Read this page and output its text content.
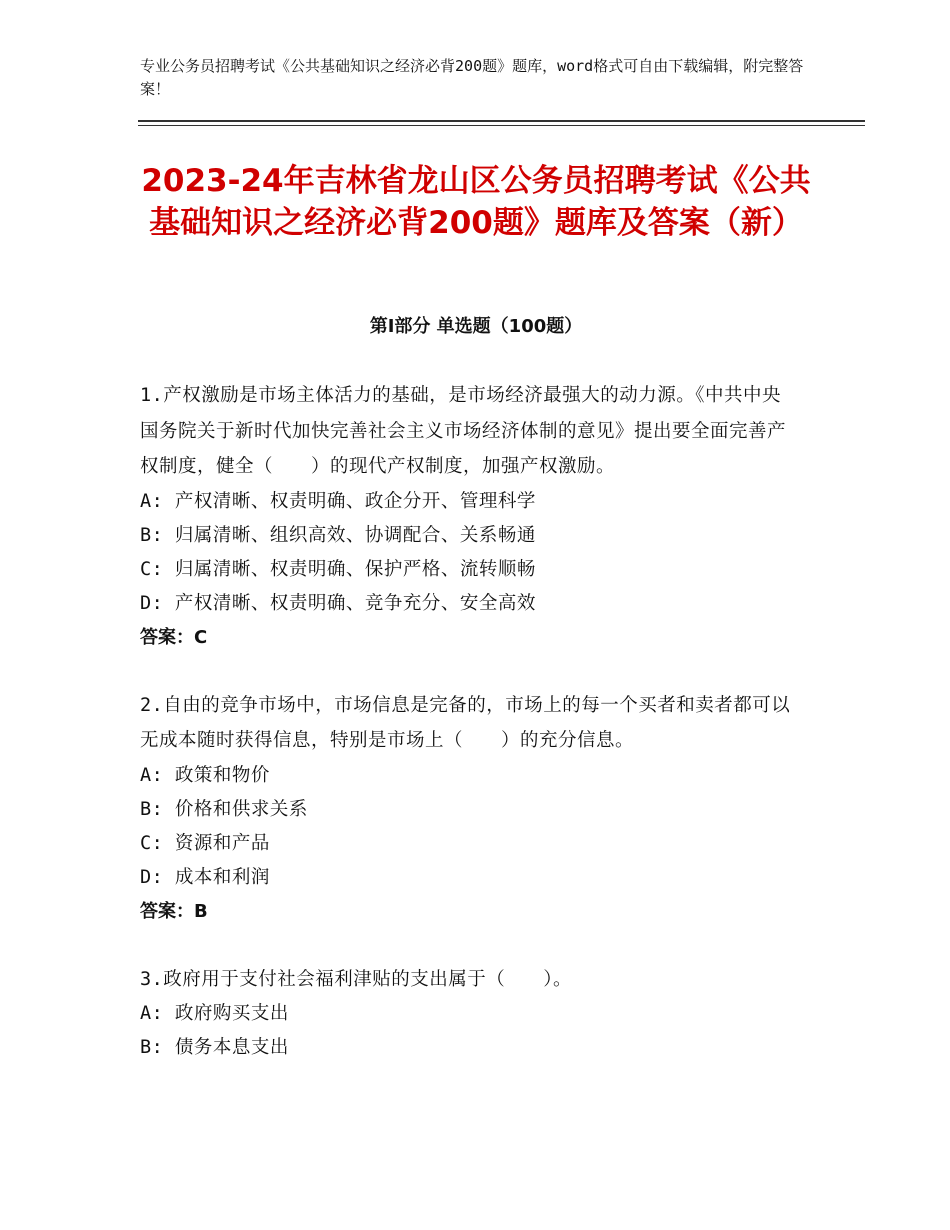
专业公务员招聘考试《公共基础知识之经济必背200题》题库，word格式可自由下载编辑，附完整答案！
2023-24年吉林省龙山区公务员招聘考试《公共基础知识之经济必背200题》题库及答案（新）
第Ⅰ部分 单选题（100题）
1.产权激励是市场主体活力的基础，是市场经济最强大的动力源。《中共中央国务院关于新时代加快完善社会主义市场经济体制的意见》提出要全面完善产权制度，健全（　　）的现代产权制度，加强产权激励。
A: 产权清晰、权责明确、政企分开、管理科学
B: 归属清晰、组织高效、协调配合、关系畅通
C: 归属清晰、权责明确、保护严格、流转顺畅
D: 产权清晰、权责明确、竞争充分、安全高效
答案：C
2.自由的竞争市场中，市场信息是完备的，市场上的每一个买者和卖者都可以无成本随时获得信息，特别是市场上（　　）的充分信息。
A: 政策和物价
B: 价格和供求关系
C: 资源和产品
D: 成本和利润
答案：B
3.政府用于支付社会福利津贴的支出属于（　　）。
A: 政府购买支出
B: 债务本息支出
